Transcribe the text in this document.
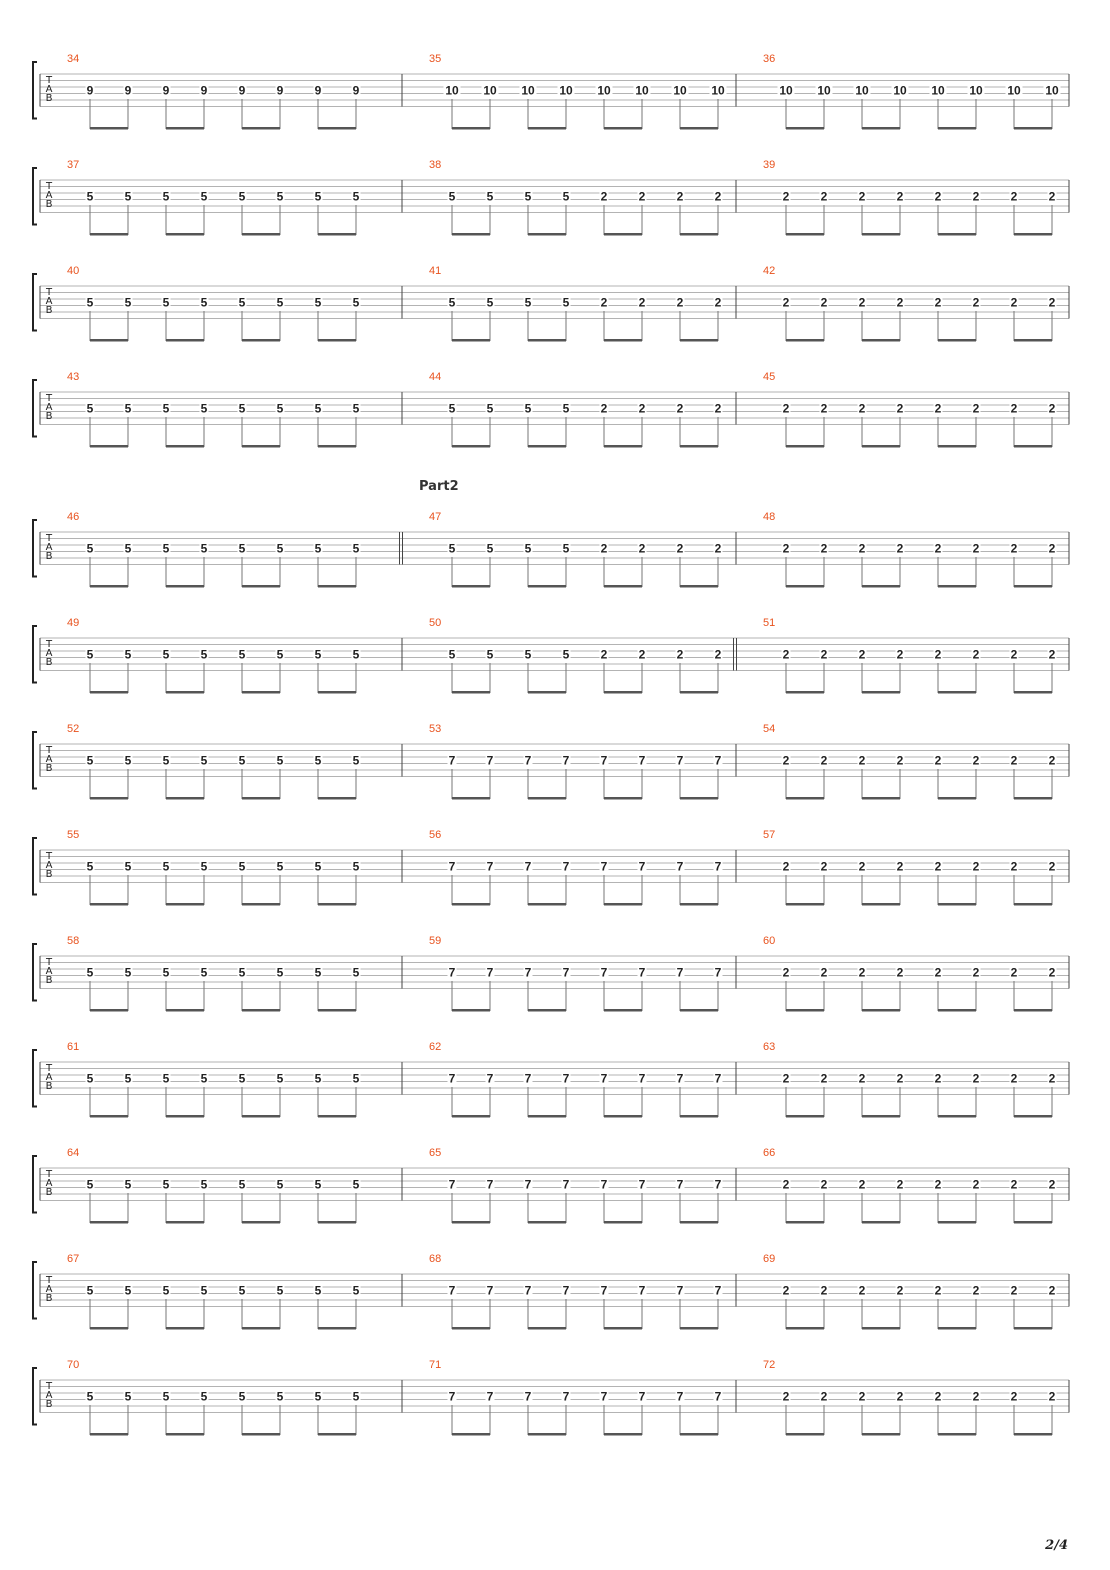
T
A
B
34
9	9	9	9	9	9	9	9
35
10 10 10 10 10 10 10 10
36
10 10 10 10 10 10 10 10
T
A
B
37
5	5	5	5	5	5	5	5
38
5	5	5	5	2	2	2	2
39
2	2	2	2	2	2	2	2
T
A
B
40
5	5	5	5	5	5	5	5
41
5	5	5	5	2	2	2	2
42
2	2	2	2	2	2	2	2
T
A
B
43
5	5	5	5	5	5	5	5
44
5	5	5	5	2	2	2	2
45
2	2	2	2	2	2	2	2
Part2
T
A
B
46
5	5	5	5	5	5	5	5
47
5	5	5	5	2	2	2	2
48
2	2	2	2	2	2	2	2
T
A
B
49
5	5	5	5	5	5	5	5
50
5	5	5	5	2	2	2	2
51
2	2	2	2	2	2	2	2
T
A
B
52
5	5	5	5	5	5	5	5
53
7	7	7	7	7	7	7	7
54
2	2	2	2	2	2	2	2
T
A
B
55
5	5	5	5	5	5	5	5
56
7	7	7	7	7	7	7	7
57
2	2	2	2	2	2	2	2
T
A
B
58
5	5	5	5	5	5	5	5
59
7	7	7	7	7	7	7	7
60
2	2	2	2	2	2	2	2
T
A
B
61
5	5	5	5	5	5	5	5
62
7	7	7	7	7	7	7	7
63
2	2	2	2	2	2	2	2
T
A
B
64
5	5	5	5	5	5	5	5
65
7	7	7	7	7	7	7	7
66
2	2	2	2	2	2	2	2
T
A
B
67
5	5	5	5	5	5	5	5
68
7	7	7	7	7	7	7	7
69
2	2	2	2	2	2	2	2
T
A
B
70
5	5	5	5	5	5	5	5
71
7	7	7	7	7	7	7	7
72
2	2	2	2	2	2	2	2
2/4
